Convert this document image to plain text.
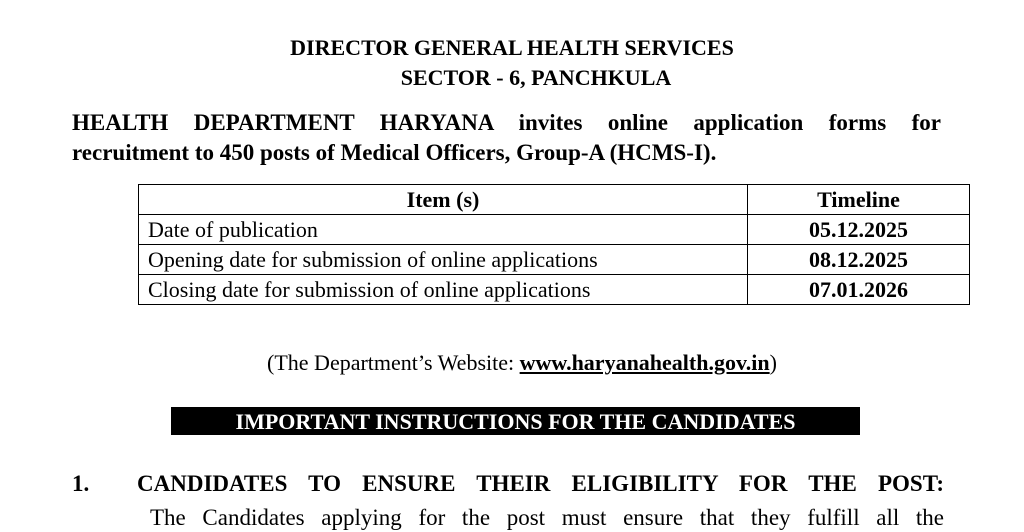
DIRECTOR GENERAL HEALTH SERVICES
SECTOR - 6, PANCHKULA
HEALTH DEPARTMENT HARYANA invites online application forms for
recruitment to 450 posts of Medical Officers, Group-A (HCMS-I).
Item (s)	Timeline
Date of publication	05.12.2025
Opening date for submission of online applications	08.12.2025
Closing date for submission of online applications	07.01.2026
(The Department’s Website: www.haryanahealth.gov.in)
IMPORTANT INSTRUCTIONS FOR THE CANDIDATES
1. CANDIDATES TO ENSURE THEIR ELIGIBILITY FOR THE POST:
The Candidates applying for the post must ensure that they fulfill all the
